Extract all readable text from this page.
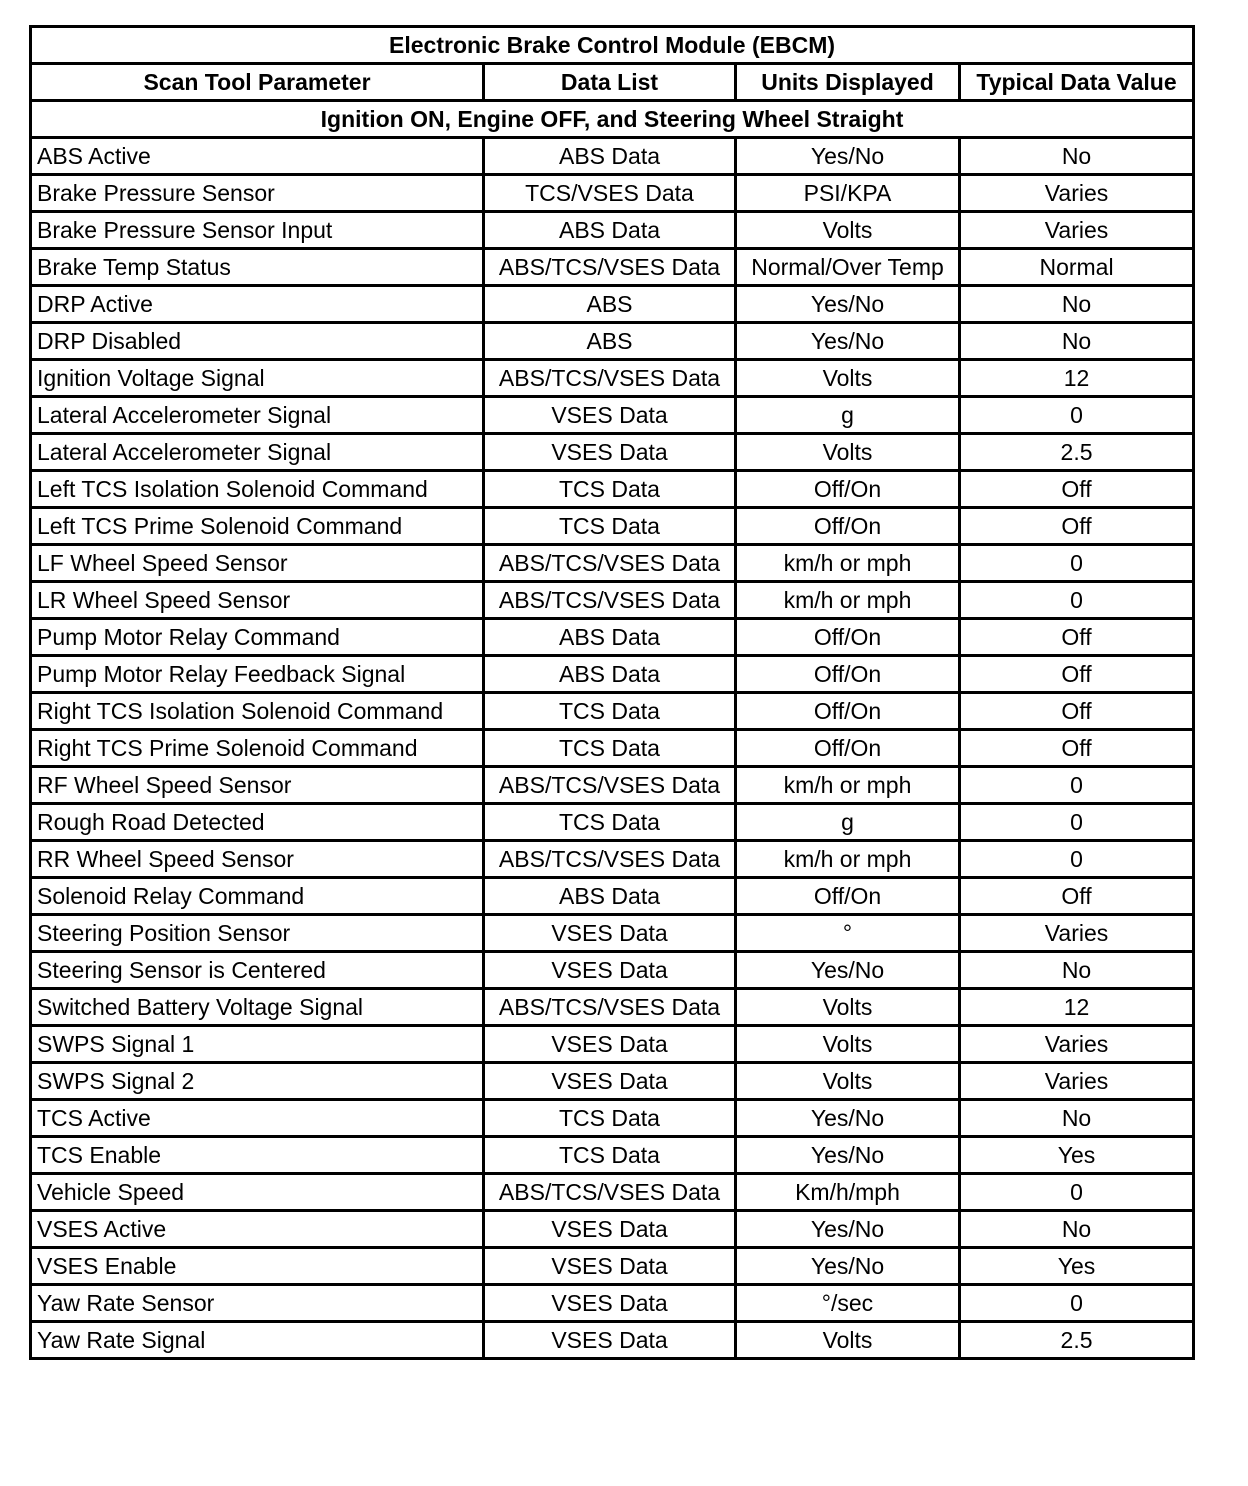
Electronic Brake Control Module (EBCM)			
Scan Tool Parameter	Data List	Units Displayed	Typical Data Value
Ignition ON, Engine OFF, and Steering Wheel Straight			
ABS Active	ABS Data	Yes/No	No
Brake Pressure Sensor	TCS/VSES Data	PSI/KPA	Varies
Brake Pressure Sensor Input	ABS Data	Volts	Varies
Brake Temp Status	ABS/TCS/VSES Data	Normal/Over Temp	Normal
DRP Active	ABS	Yes/No	No
DRP Disabled	ABS	Yes/No	No
Ignition Voltage Signal	ABS/TCS/VSES Data	Volts	12
Lateral Accelerometer Signal	VSES Data	g	0
Lateral Accelerometer Signal	VSES Data	Volts	2.5
Left TCS Isolation Solenoid Command	TCS Data	Off/On	Off
Left TCS Prime Solenoid Command	TCS Data	Off/On	Off
LF Wheel Speed Sensor	ABS/TCS/VSES Data	km/h or mph	0
LR Wheel Speed Sensor	ABS/TCS/VSES Data	km/h or mph	0
Pump Motor Relay Command	ABS Data	Off/On	Off
Pump Motor Relay Feedback Signal	ABS Data	Off/On	Off
Right TCS Isolation Solenoid Command	TCS Data	Off/On	Off
Right TCS Prime Solenoid Command	TCS Data	Off/On	Off
RF Wheel Speed Sensor	ABS/TCS/VSES Data	km/h or mph	0
Rough Road Detected	TCS Data	g	0
RR Wheel Speed Sensor	ABS/TCS/VSES Data	km/h or mph	0
Solenoid Relay Command	ABS Data	Off/On	Off
Steering Position Sensor	VSES Data	°	Varies
Steering Sensor is Centered	VSES Data	Yes/No	No
Switched Battery Voltage Signal	ABS/TCS/VSES Data	Volts	12
SWPS Signal 1	VSES Data	Volts	Varies
SWPS Signal 2	VSES Data	Volts	Varies
TCS Active	TCS Data	Yes/No	No
TCS Enable	TCS Data	Yes/No	Yes
Vehicle Speed	ABS/TCS/VSES Data	Km/h/mph	0
VSES Active	VSES Data	Yes/No	No
VSES Enable	VSES Data	Yes/No	Yes
Yaw Rate Sensor	VSES Data	°/sec	0
Yaw Rate Signal	VSES Data	Volts	2.5
